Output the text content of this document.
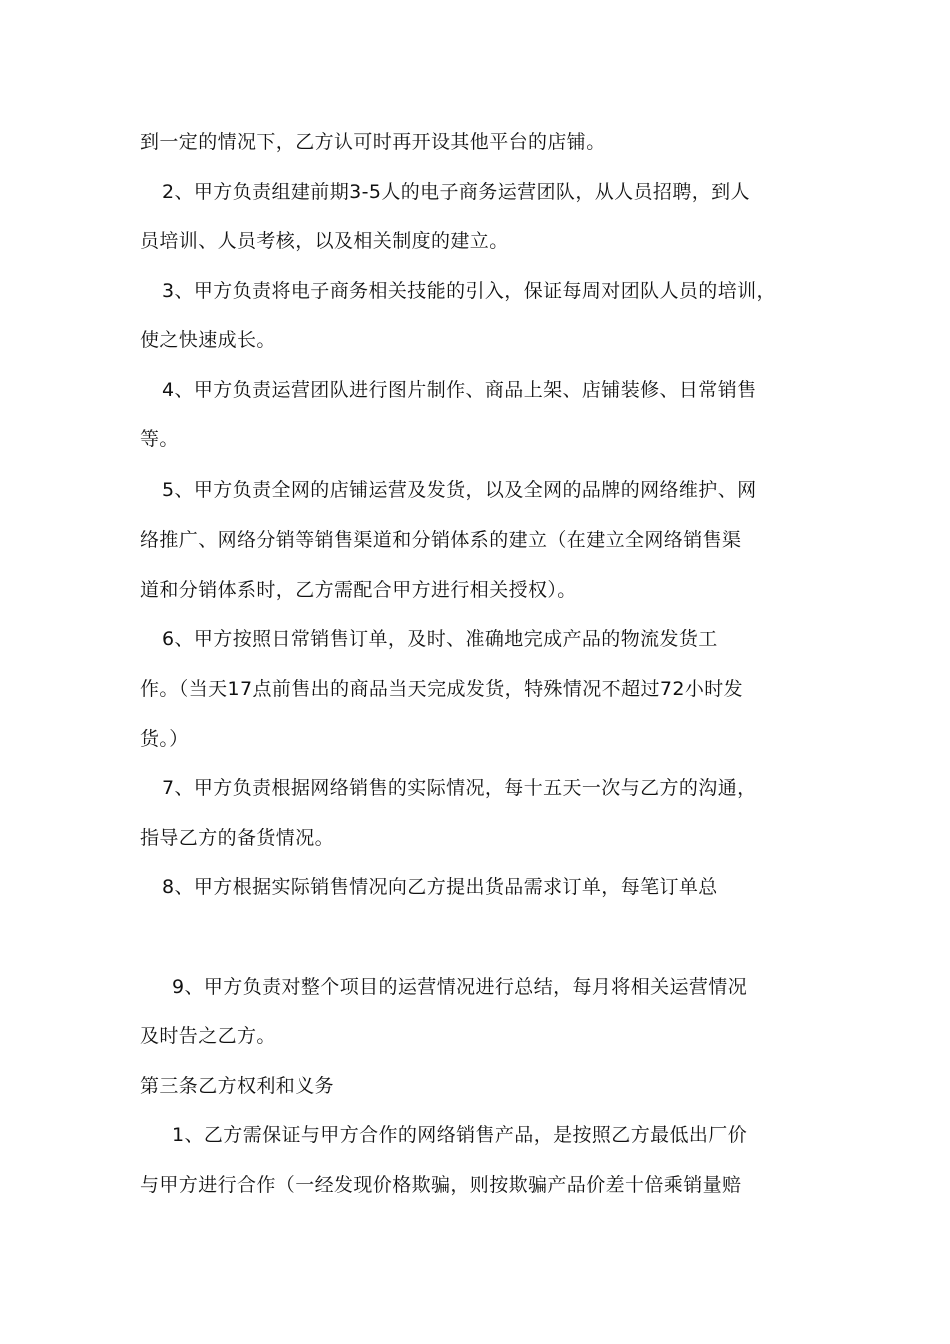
到一定的情况下，乙方认可时再开设其他平台的店铺。
2、甲方负责组建前期3-5人的电子商务运营团队，从人员招聘，到人
员培训、人员考核，以及相关制度的建立。
3、甲方负责将电子商务相关技能的引入，保证每周对团队人员的培训，
使之快速成长。
4、甲方负责运营团队进行图片制作、商品上架、店铺装修、日常销售
等。
5、甲方负责全网的店铺运营及发货，以及全网的品牌的网络维护、网
络推广、网络分销等销售渠道和分销体系的建立（在建立全网络销售渠
道和分销体系时，乙方需配合甲方进行相关授权）。
6、甲方按照日常销售订单，及时、准确地完成产品的物流发货工
作。（当天17点前售出的商品当天完成发货，特殊情况不超过72小时发
货。）
7、甲方负责根据网络销售的实际情况，每十五天一次与乙方的沟通，
指导乙方的备货情况。
8、甲方根据实际销售情况向乙方提出货品需求订单，每笔订单总
9、甲方负责对整个项目的运营情况进行总结，每月将相关运营情况
及时告之乙方。
第三条乙方权利和义务
1、乙方需保证与甲方合作的网络销售产品，是按照乙方最低出厂价
与甲方进行合作（一经发现价格欺骗，则按欺骗产品价差十倍乘销量赔
